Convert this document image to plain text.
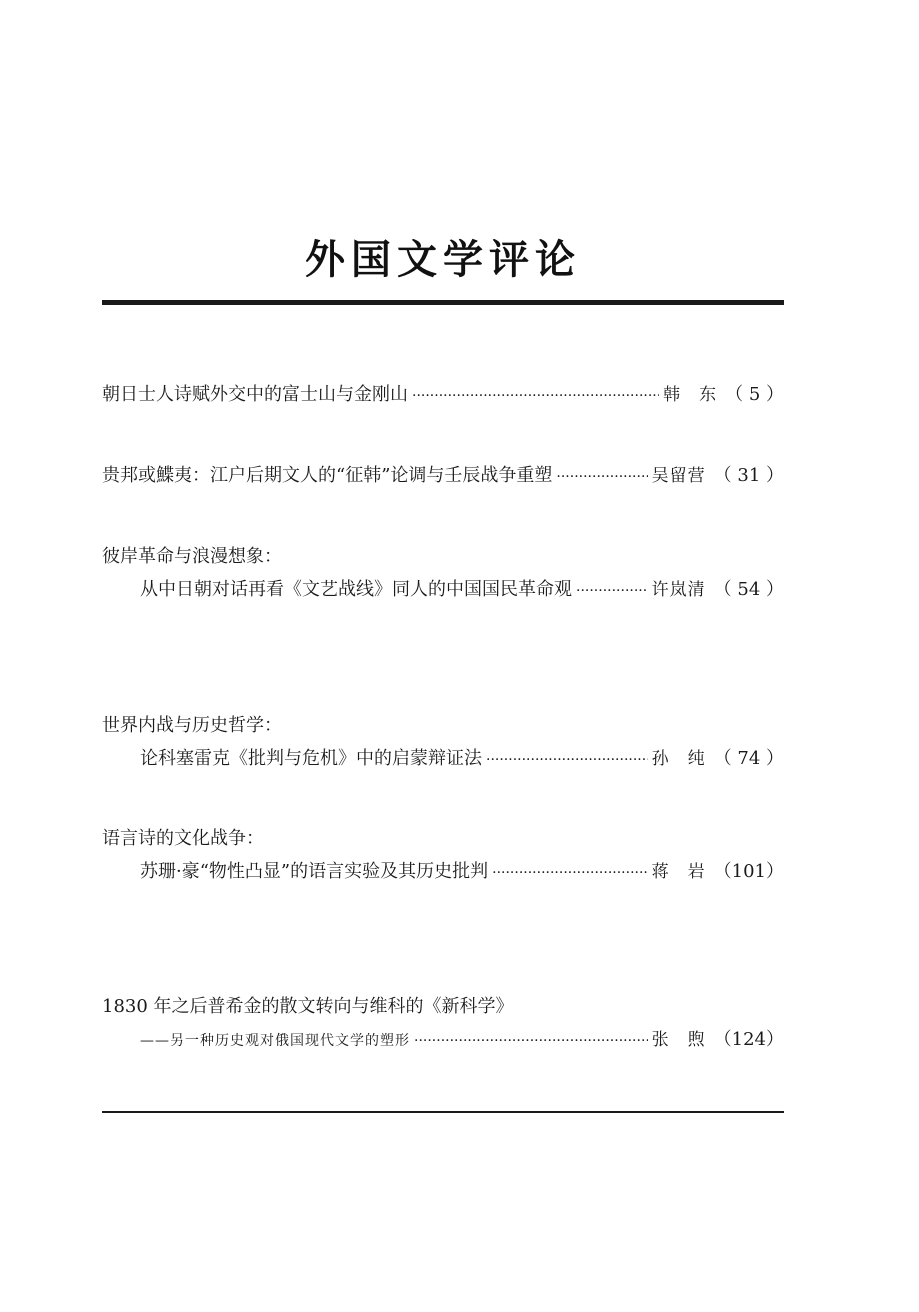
外国文学评论
朝日士人诗赋外交中的富士山与金刚山 ·····	韩　东 （ 5 ）
贵邦或鰈夷：江户后期文人的“征韩”论调与壬辰战争重塑 ·····	吴留营 （ 31 ）
彼岸革命与浪漫想象：
从中日朝对话再看《文艺战线》同人的中国国民革命观 ·····	许岚清 （ 54 ）
世界内战与历史哲学：
论科塞雷克《批判与危机》中的启蒙辩证法 ·····	孙　纯 （ 74 ）
语言诗的文化战争：
苏珊·豪“物性凸显”的语言实验及其历史批判 ·····	蒋　岩 （101）
1830 年之后普希金的散文转向与维科的《新科学》
——另一种历史观对俄国现代文学的塑形 ·····	张　煦 （124）
